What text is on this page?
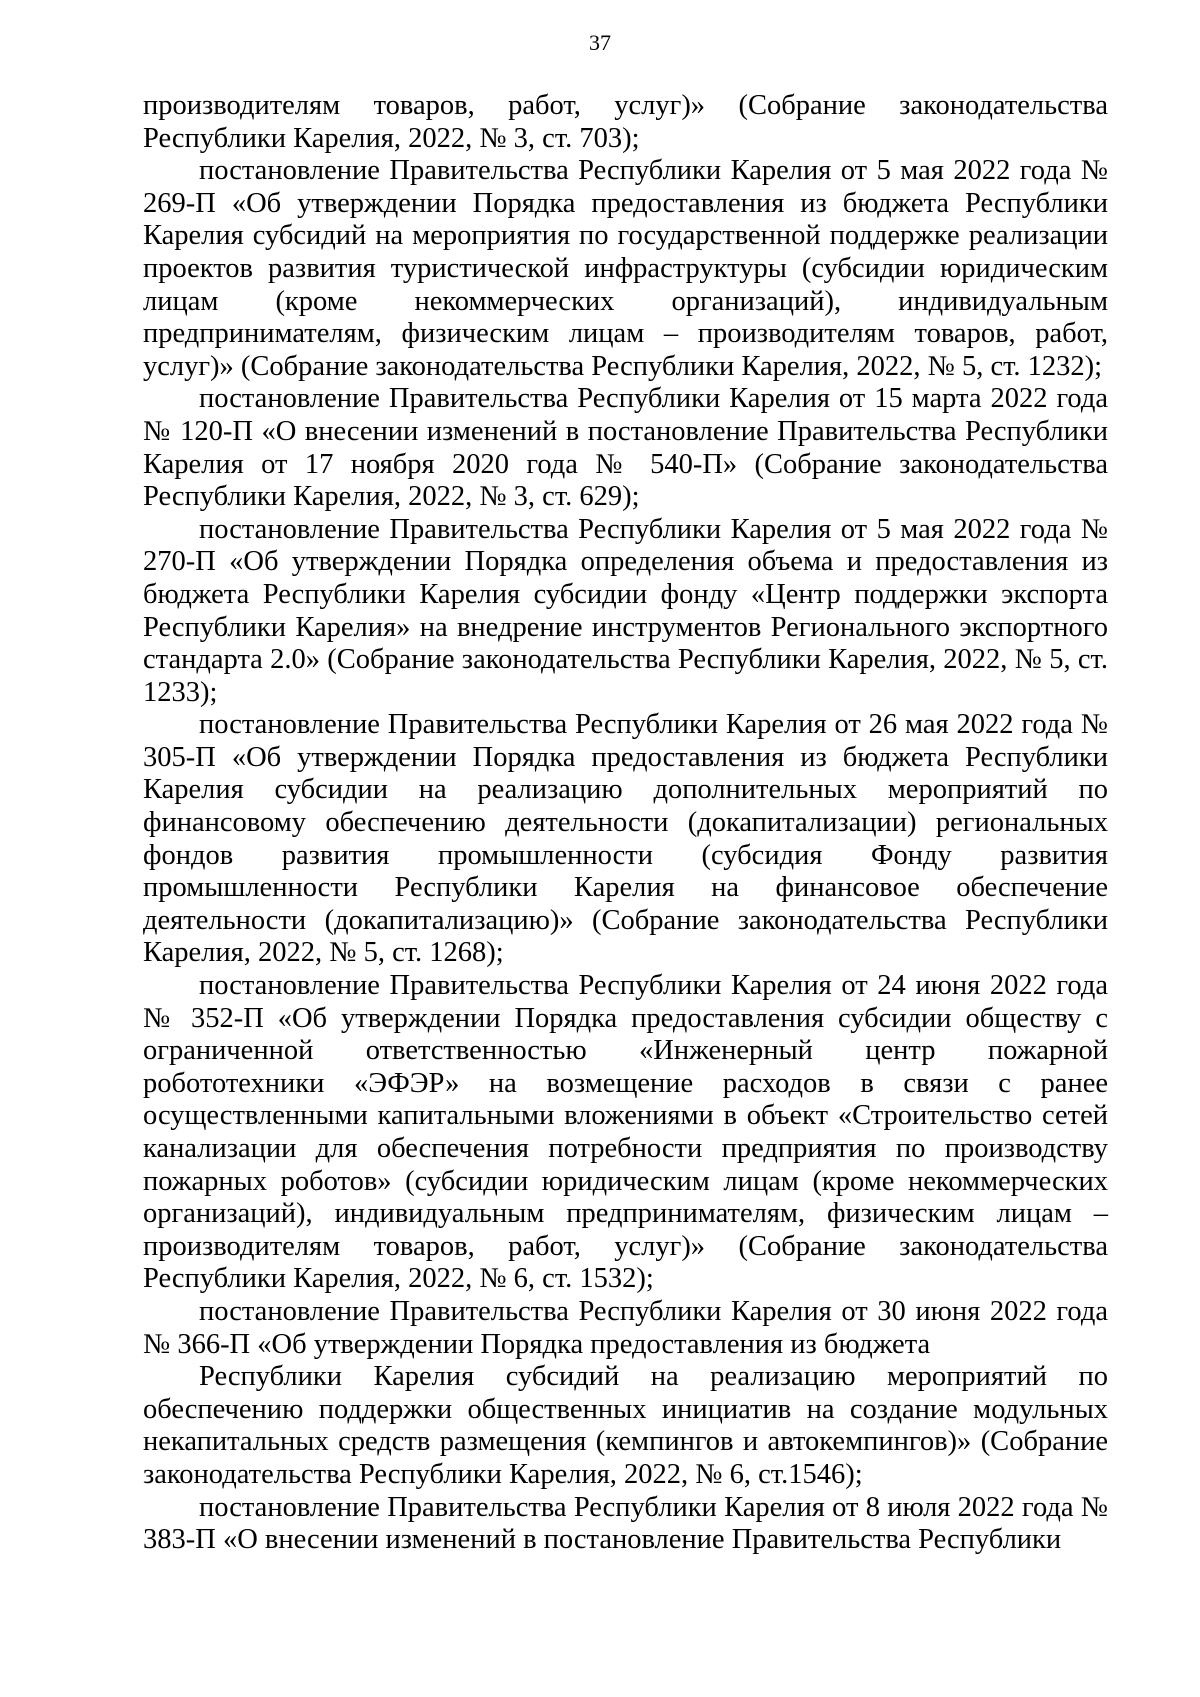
37

производителям товаров, работ, услуг)» (Собрание законодательства Республики Карелия, 2022, № 3, ст. 703);

постановление Правительства Республики Карелия от 5 мая 2022 года № 269-П «Об утверждении Порядка предоставления из бюджета Республики Карелия субсидий на мероприятия по государственной поддержке реализации проектов развития туристической инфраструктуры (субсидии юридическим лицам (кроме некоммерческих организаций), индивидуальным предпринимателям, физическим лицам – производителям товаров, работ, услуг)» (Собрание законодательства Республики Карелия, 2022, № 5, ст. 1232);

постановление Правительства Республики Карелия от 15 марта 2022 года № 120-П «О внесении изменений в постановление Правительства Республики Карелия от 17 ноября 2020 года № 540-П» (Собрание законодательства Республики Карелия, 2022, № 3, ст. 629);

постановление Правительства Республики Карелия от 5 мая 2022 года № 270-П «Об утверждении Порядка определения объема и предоставления из бюджета Республики Карелия субсидии фонду «Центр поддержки экспорта Республики Карелия» на внедрение инструментов Регионального экспортного стандарта 2.0» (Собрание законодательства Республики Карелия, 2022, № 5, ст. 1233);

постановление Правительства Республики Карелия от 26 мая 2022 года № 305-П «Об утверждении Порядка предоставления из бюджета Республики Карелия субсидии на реализацию дополнительных мероприятий по финансовому обеспечению деятельности (докапитализации) региональных фондов развития промышленности (субсидия Фонду развития промышленности Республики Карелия на финансовое обеспечение деятельности (докапитализацию)» (Собрание законодательства Республики Карелия, 2022, № 5, ст. 1268);

постановление Правительства Республики Карелия от 24 июня 2022 года № 352-П «Об утверждении Порядка предоставления субсидии обществу с ограниченной ответственностью «Инженерный центр пожарной робототехники «ЭФЭР» на возмещение расходов в связи с ранее осуществленными капитальными вложениями в объект «Строительство сетей канализации для обеспечения потребности предприятия по производству пожарных роботов» (субсидии юридическим лицам (кроме некоммерческих организаций), индивидуальным предпринимателям, физическим лицам – производителям товаров, работ, услуг)» (Собрание законодательства Республики Карелия, 2022, № 6, ст. 1532);

постановление Правительства Республики Карелия от 30 июня 2022 года № 366-П «Об утверждении Порядка предоставления из бюджета

Республики Карелия субсидий на реализацию мероприятий по обеспечению поддержки общественных инициатив на создание модульных некапитальных средств размещения (кемпингов и автокемпингов)» (Собрание законодательства Республики Карелия, 2022, № 6, ст.1546);

постановление Правительства Республики Карелия от 8 июля 2022 года № 383-П «О внесении изменений в постановление Правительства Республики
